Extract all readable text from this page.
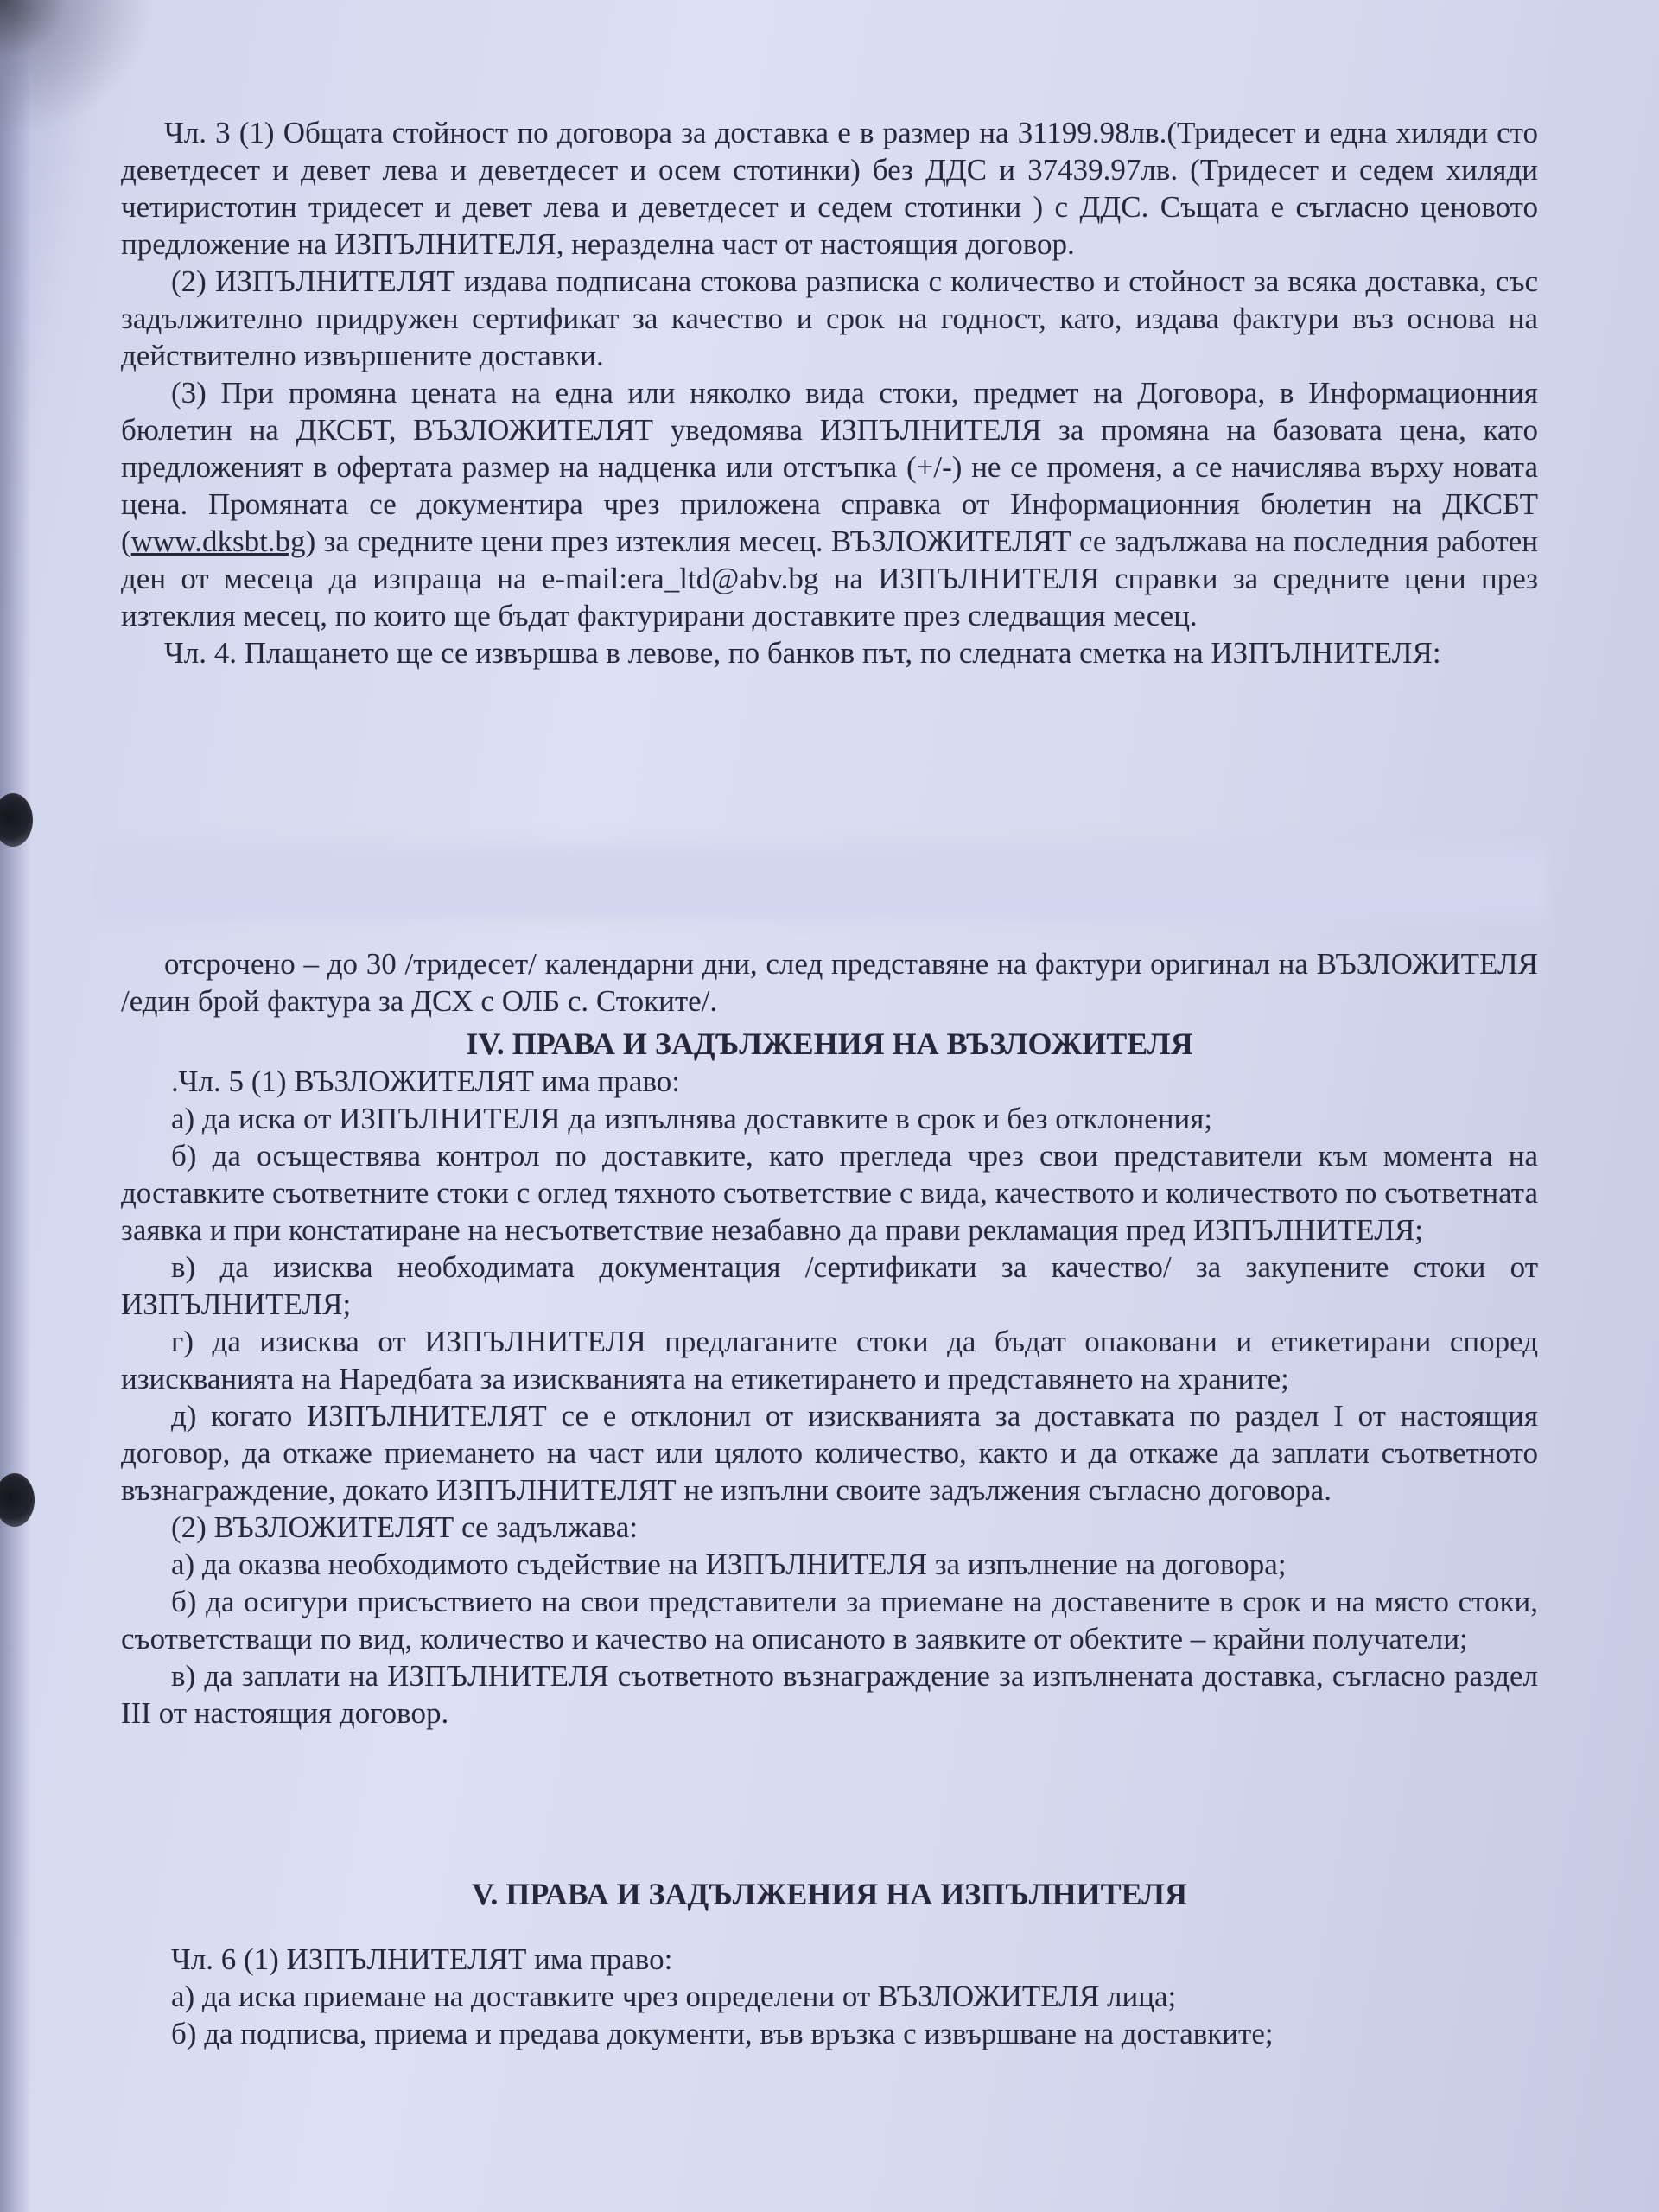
Чл. 3 (1) Общата стойност по договора за доставка е в размер на 31199.98лв.(Тридесет и една хиляди сто деветдесет и девет лева и деветдесет и осем стотинки) без ДДС и 37439.97лв. (Тридесет и седем хиляди четиристотин тридесет и девет лева и деветдесет и седем стотинки ) с ДДС. Същата е съгласно ценовото предложение на ИЗПЪЛНИТЕЛЯ, неразделна част от настоящия договор.

(2) ИЗПЪЛНИТЕЛЯТ издава подписана стокова разписка с количество и стойност за всяка доставка, със задължително придружен сертификат за качество и срок на годност, като, издава фактури въз основа на действително извършените доставки.

(3) При промяна цената на една или няколко вида стоки, предмет на Договора, в Информационния бюлетин на ДКСБТ, ВЪЗЛОЖИТЕЛЯТ уведомява ИЗПЪЛНИТЕЛЯ за промяна на базовата цена, като предложеният в офертата размер на надценка или отстъпка (+/-) не се променя, а се начислява върху новата цена. Промяната се документира чрез приложена справка от Информационния бюлетин на ДКСБТ (www.dksbt.bg) за средните цени през изтеклия месец. ВЪЗЛОЖИТЕЛЯТ се задължава на последния работен ден от месеца да изпраща на e-mail:era_ltd@abv.bg на ИЗПЪЛНИТЕЛЯ справки за средните цени през изтеклия месец, по които ще бъдат фактурирани доставките през следващия месец.

Чл. 4. Плащането ще се извършва в левове, по банков път, по следната сметка на ИЗПЪЛНИТЕЛЯ:

отсрочено – до 30 /тридесет/ календарни дни, след представяне на фактури оригинал на ВЪЗЛОЖИТЕЛЯ /един брой фактура за ДСХ с ОЛБ с. Стоките/.

IV. ПРАВА И ЗАДЪЛЖЕНИЯ НА ВЪЗЛОЖИТЕЛЯ

.Чл. 5 (1) ВЪЗЛОЖИТЕЛЯТ има право:

а) да иска от ИЗПЪЛНИТЕЛЯ да изпълнява доставките в срок и без отклонения;

б) да осъществява контрол по доставките, като прегледа чрез свои представители към момента на доставките съответните стоки с оглед тяхното съответствие с вида, качеството и количеството по съответната заявка и при констатиране на несъответствие незабавно да прави рекламация пред ИЗПЪЛНИТЕЛЯ;

в) да изисква необходимата документация /сертификати за качество/ за закупените стоки от ИЗПЪЛНИТЕЛЯ;

г) да изисква от ИЗПЪЛНИТЕЛЯ предлаганите стоки да бъдат опаковани и етикетирани според изискванията на Наредбата за изискванията на етикетирането и представянето на храните;

д) когато ИЗПЪЛНИТЕЛЯТ се е отклонил от изискванията за доставката по раздел I от настоящия договор, да откаже приемането на част или цялото количество, както и да откаже да заплати съответното възнаграждение, докато ИЗПЪЛНИТЕЛЯТ не изпълни своите задължения съгласно договора.

(2) ВЪЗЛОЖИТЕЛЯТ се задължава:

а) да оказва необходимото съдействие на ИЗПЪЛНИТЕЛЯ за изпълнение на договора;

б) да осигури присъствието на свои представители за приемане на доставените в срок и на място стоки, съответстващи по вид, количество и качество на описаното в заявките от обектите – крайни получатели;

в) да заплати на ИЗПЪЛНИТЕЛЯ съответното възнаграждение за изпълнената доставка, съгласно раздел III от настоящия договор.

V. ПРАВА И ЗАДЪЛЖЕНИЯ НА ИЗПЪЛНИТЕЛЯ

Чл. 6 (1) ИЗПЪЛНИТЕЛЯТ има право:

а) да иска приемане на доставките чрез определени от ВЪЗЛОЖИТЕЛЯ лица;

б) да подписва, приема и предава документи, във връзка с извършване на доставките;
